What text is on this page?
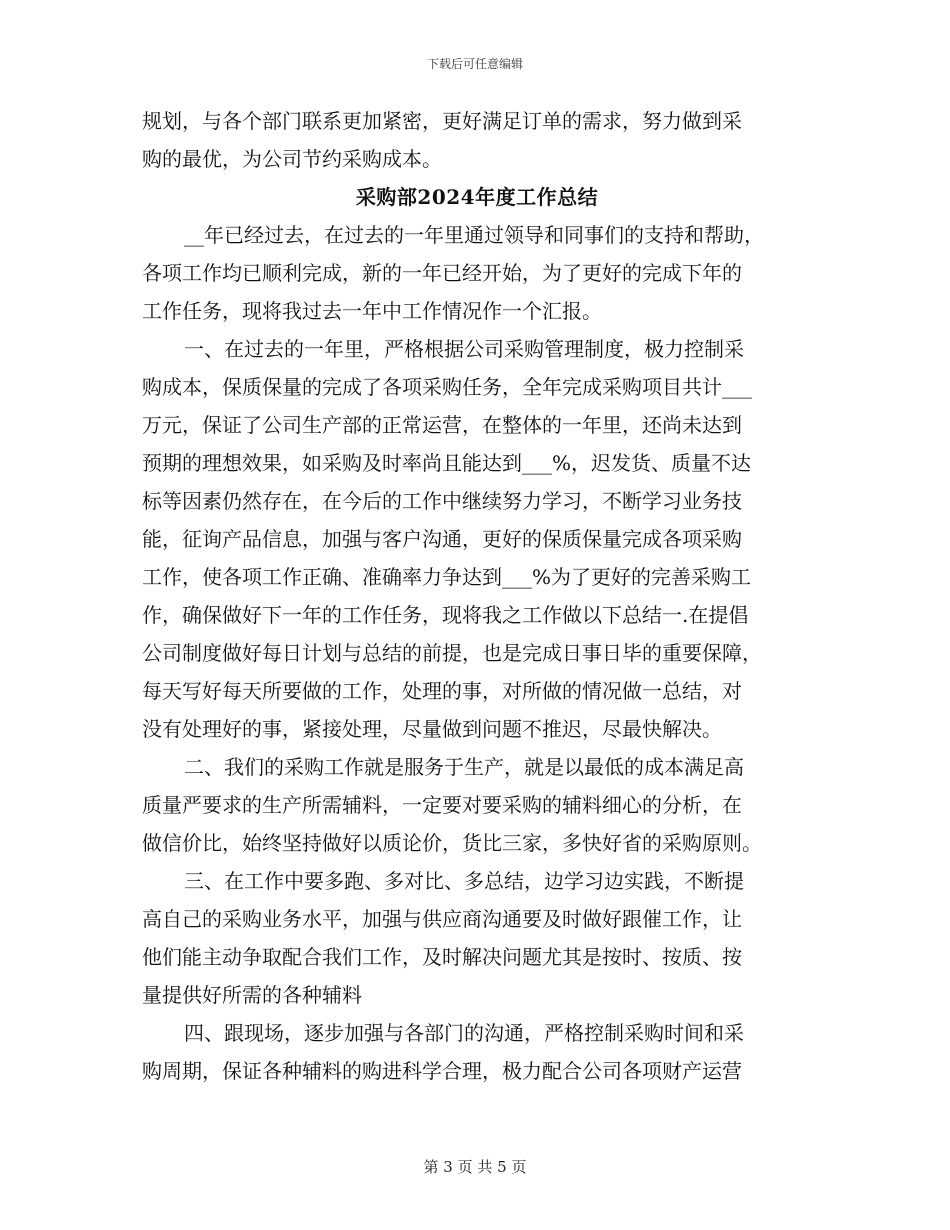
下载后可任意编辑
规划，与各个部门联系更加紧密，更好满足订单的需求，努力做到采
购的最优，为公司节约采购成本。
采购部2024年度工作总结
__年已经过去，在过去的一年里通过领导和同事们的支持和帮助，
各项工作均已顺利完成，新的一年已经开始，为了更好的完成下年的
工作任务，现将我过去一年中工作情况作一个汇报。
一、在过去的一年里，严格根据公司采购管理制度，极力控制采
购成本，保质保量的完成了各项采购任务，全年完成采购项目共计___
万元，保证了公司生产部的正常运营，在整体的一年里，还尚未达到
预期的理想效果，如采购及时率尚且能达到___%，迟发货、质量不达
标等因素仍然存在，在今后的工作中继续努力学习，不断学习业务技
能，征询产品信息，加强与客户沟通，更好的保质保量完成各项采购
工作，使各项工作正确、准确率力争达到___%为了更好的完善采购工
作，确保做好下一年的工作任务，现将我之工作做以下总结一.在提倡
公司制度做好每日计划与总结的前提，也是完成日事日毕的重要保障，
每天写好每天所要做的工作，处理的事，对所做的情况做一总结，对
没有处理好的事，紧接处理，尽量做到问题不推迟，尽最快解决。
二、我们的采购工作就是服务于生产，就是以最低的成本满足高
质量严要求的生产所需辅料，一定要对要采购的辅料细心的分析，在
做信价比，始终坚持做好以质论价，货比三家，多快好省的采购原则。
三、在工作中要多跑、多对比、多总结，边学习边实践，不断提
高自己的采购业务水平，加强与供应商沟通要及时做好跟催工作，让
他们能主动争取配合我们工作，及时解决问题尤其是按时、按质、按
量提供好所需的各种辅料
四、跟现场，逐步加强与各部门的沟通，严格控制采购时间和采
购周期，保证各种辅料的购进科学合理，极力配合公司各项财产运营
第 3 页 共 5 页
